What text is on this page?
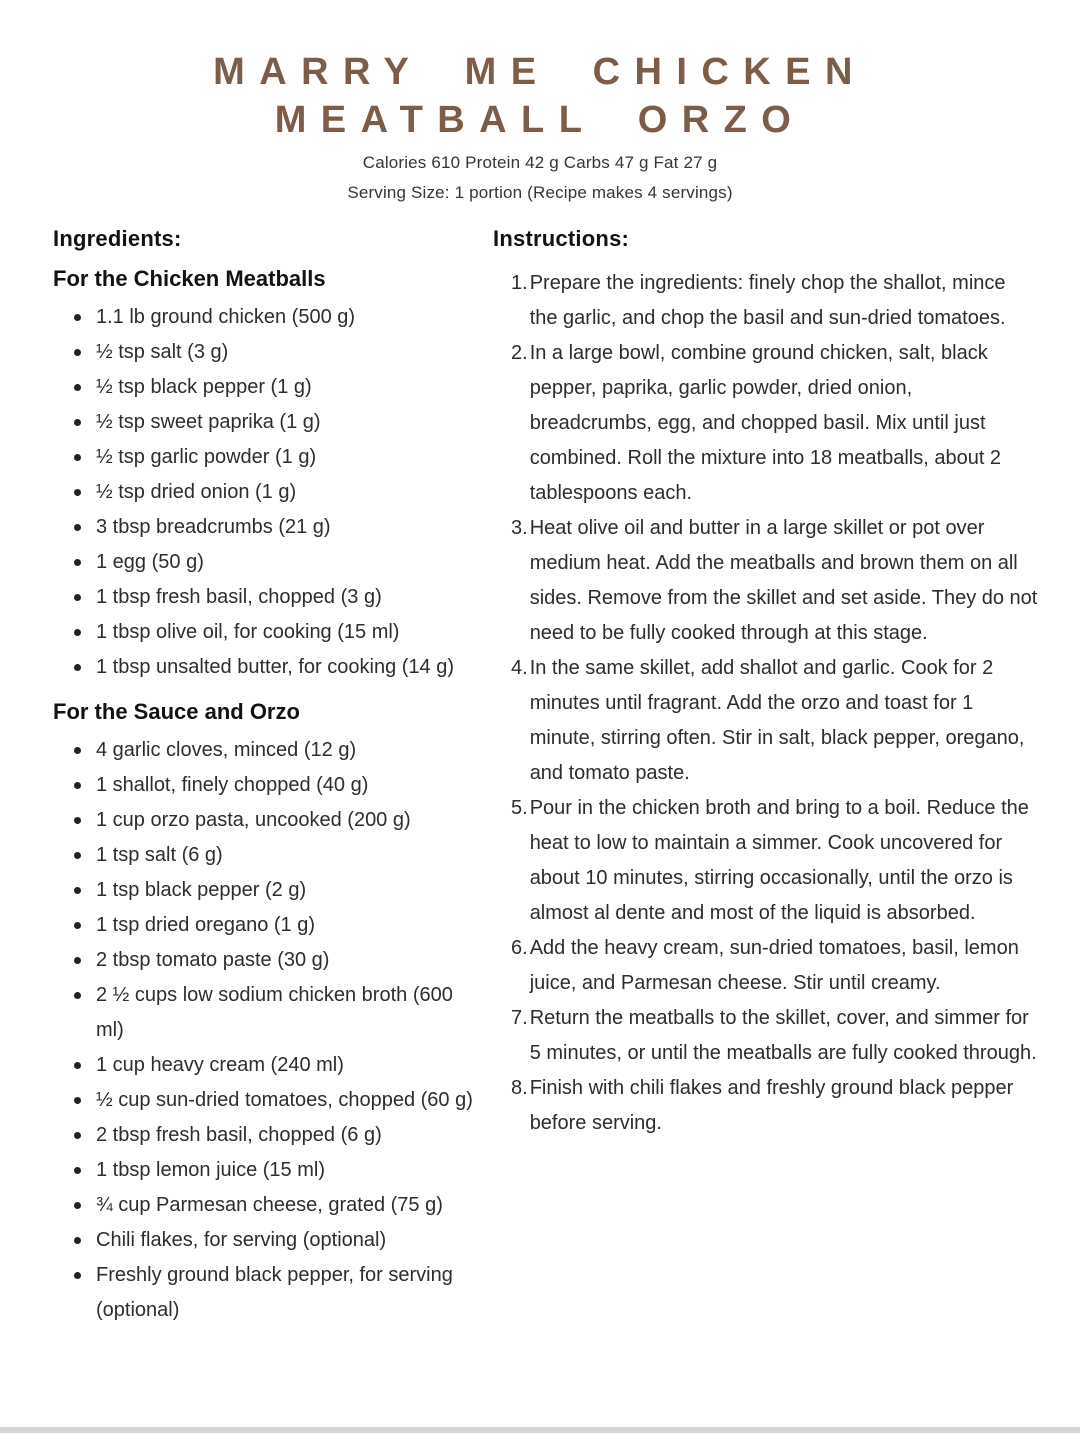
MARRY ME CHICKEN
MEATBALL ORZO
Calories 610 Protein 42 g Carbs 47 g Fat 27 g
Serving Size: 1 portion (Recipe makes 4 servings)
Ingredients:
For the Chicken Meatballs
1.1 lb ground chicken (500 g)
½ tsp salt (3 g)
½ tsp black pepper (1 g)
½ tsp sweet paprika (1 g)
½ tsp garlic powder (1 g)
½ tsp dried onion (1 g)
3 tbsp breadcrumbs (21 g)
1 egg (50 g)
1 tbsp fresh basil, chopped (3 g)
1 tbsp olive oil, for cooking (15 ml)
1 tbsp unsalted butter, for cooking (14 g)
For the Sauce and Orzo
4 garlic cloves, minced (12 g)
1 shallot, finely chopped (40 g)
1 cup orzo pasta, uncooked (200 g)
1 tsp salt (6 g)
1 tsp black pepper (2 g)
1 tsp dried oregano (1 g)
2 tbsp tomato paste (30 g)
2 ½ cups low sodium chicken broth (600 ml)
1 cup heavy cream (240 ml)
½ cup sun-dried tomatoes, chopped (60 g)
2 tbsp fresh basil, chopped (6 g)
1 tbsp lemon juice (15 ml)
¾ cup Parmesan cheese, grated (75 g)
Chili flakes, for serving (optional)
Freshly ground black pepper, for serving (optional)
Instructions:
1. Prepare the ingredients: finely chop the shallot, mince the garlic, and chop the basil and sun-dried tomatoes.
2. In a large bowl, combine ground chicken, salt, black pepper, paprika, garlic powder, dried onion, breadcrumbs, egg, and chopped basil. Mix until just combined. Roll the mixture into 18 meatballs, about 2 tablespoons each.
3. Heat olive oil and butter in a large skillet or pot over medium heat. Add the meatballs and brown them on all sides. Remove from the skillet and set aside. They do not need to be fully cooked through at this stage.
4. In the same skillet, add shallot and garlic. Cook for 2 minutes until fragrant. Add the orzo and toast for 1 minute, stirring often. Stir in salt, black pepper, oregano, and tomato paste.
5. Pour in the chicken broth and bring to a boil. Reduce the heat to low to maintain a simmer. Cook uncovered for about 10 minutes, stirring occasionally, until the orzo is almost al dente and most of the liquid is absorbed.
6. Add the heavy cream, sun-dried tomatoes, basil, lemon juice, and Parmesan cheese. Stir until creamy.
7. Return the meatballs to the skillet, cover, and simmer for 5 minutes, or until the meatballs are fully cooked through.
8. Finish with chili flakes and freshly ground black pepper before serving.
